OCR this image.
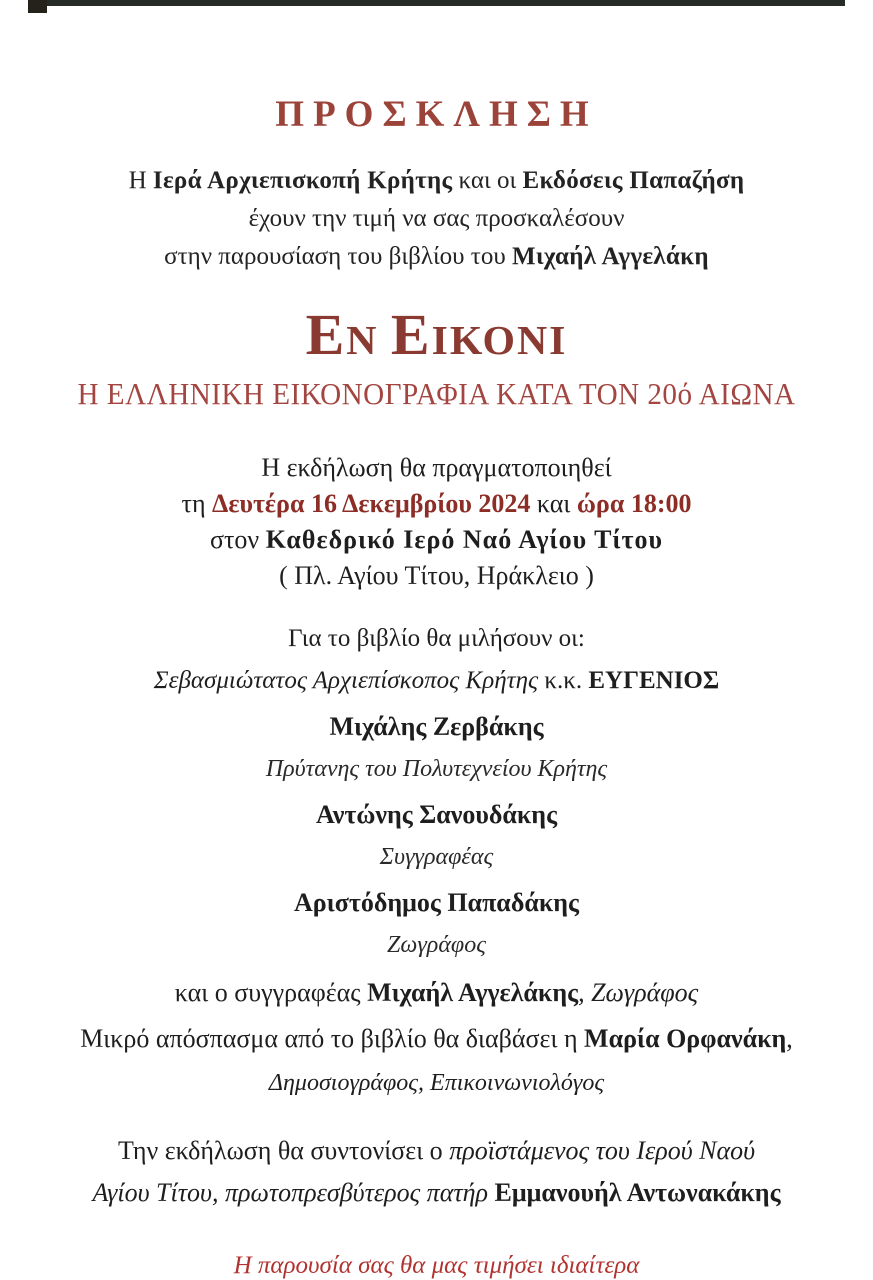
ΠΡΟΣΚΛΗΣΗ
Η Ιερά Αρχιεπισκοπή Κρήτης και οι Εκδόσεις Παπαζήση
έχουν την τιμή να σας προσκαλέσουν
στην παρουσίαση του βιβλίου του Μιχαήλ Αγγελάκη
ΕΝ ΕΙΚΟΝΙ
Η ΕΛΛΗΝΙΚΗ ΕΙΚΟΝΟΓΡΑΦΙΑ ΚΑΤΑ ΤΟΝ 20ό ΑΙΩΝΑ
Η εκδήλωση θα πραγματοποιηθεί
τη Δευτέρα 16 Δεκεμβρίου 2024 και ώρα 18:00
στον Καθεδρικό Ιερό Ναό Αγίου Τίτου
( Πλ. Αγίου Τίτου, Ηράκλειο )
Για το βιβλίο θα μιλήσουν οι:
Σεβασμιώτατος Αρχιεπίσκοπος Κρήτης κ.κ. ΕΥΓΕΝΙΟΣ
Μιχάλης Ζερβάκης
Πρύτανης του Πολυτεχνείου Κρήτης
Αντώνης Σανουδάκης
Συγγραφέας
Αριστόδημος Παπαδάκης
Ζωγράφος
και ο συγγραφέας Μιχαήλ Αγγελάκης, Ζωγράφος
Μικρό απόσπασμα από το βιβλίο θα διαβάσει η Μαρία Ορφανάκη,
Δημοσιογράφος, Επικοινωνιολόγος
Την εκδήλωση θα συντονίσει ο προϊστάμενος του Ιερού Ναού Αγίου Τίτου, πρωτοπρεσβύτερος πατήρ Εμμανουήλ Αντωνακάκης
Η παρουσία σας θα μας τιμήσει ιδιαίτερα
